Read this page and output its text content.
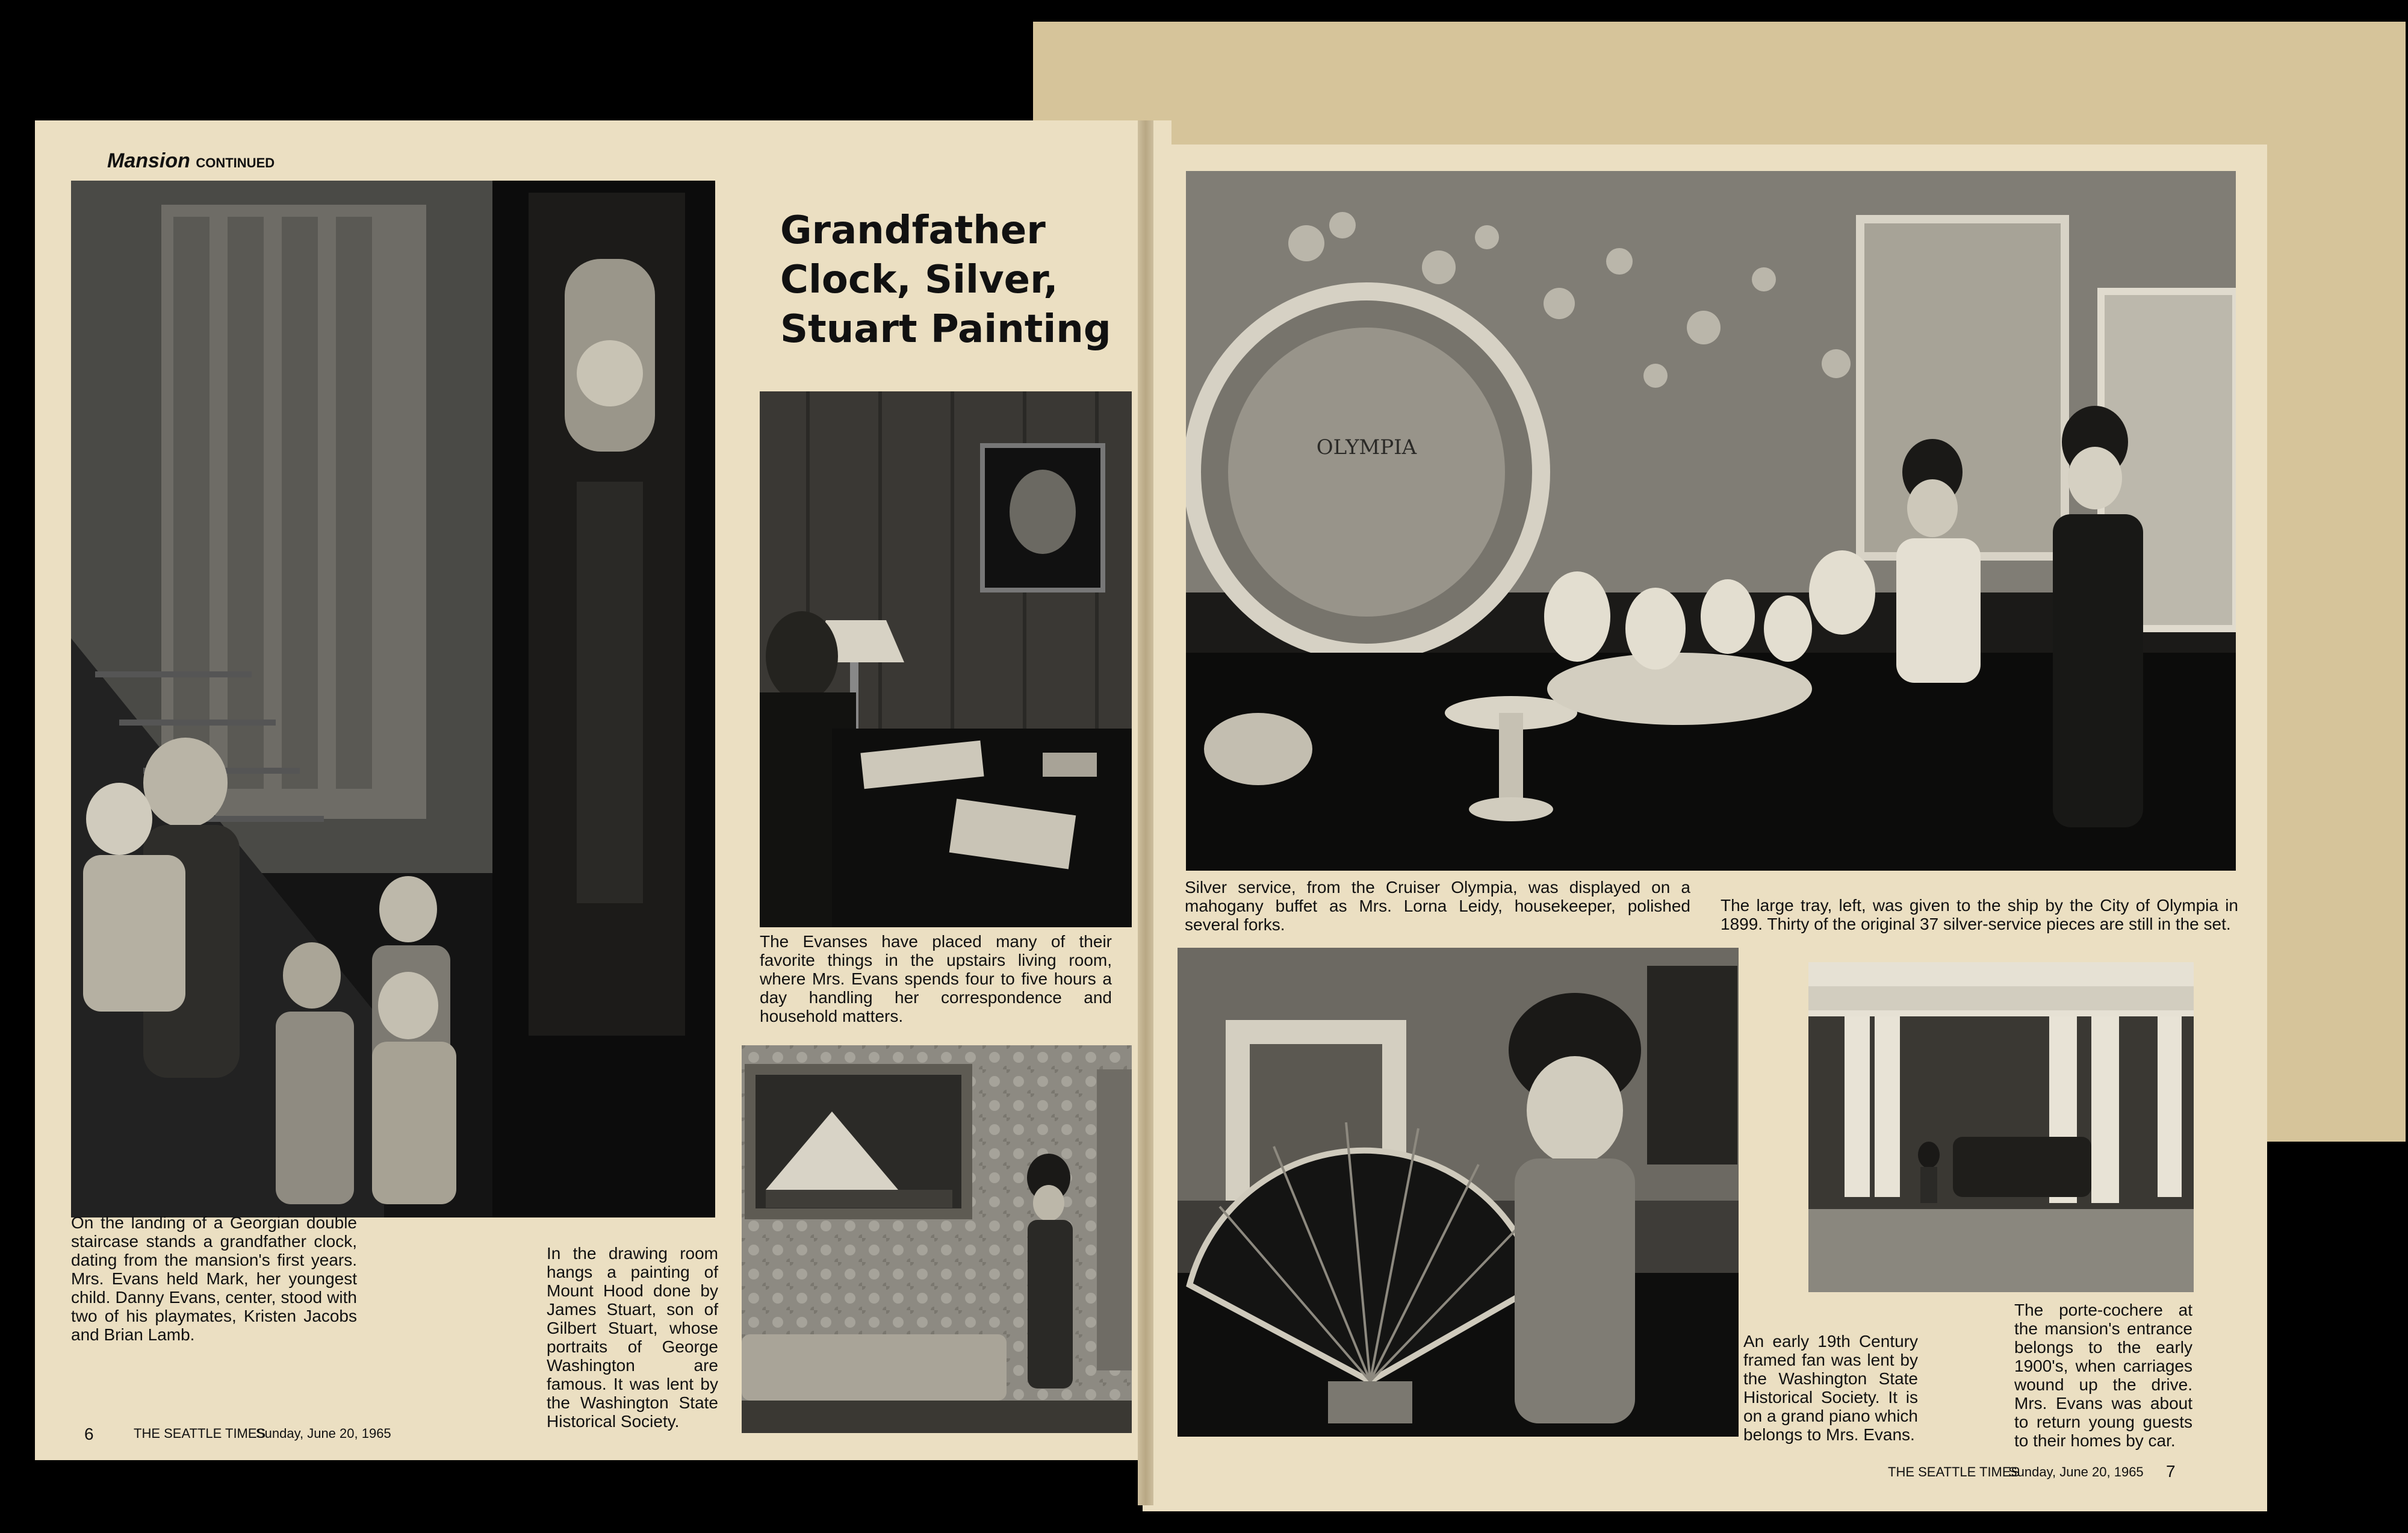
Mansion CONTINUED

On the landing of a Georgian double staircase stands a grandfather clock, dating from the mansion's first years. Mrs. Evans held Mark, her youngest child. Danny Evans, center, stood with two of his playmates, Kristen Jacobs and Brian Lamb.

Grandfather

Clock, Silver,

Stuart Painting

The Evanses have placed many of their favorite things in the upstairs living room, where Mrs. Evans spends four to five hours a day handling her correspondence and household matters.

In the drawing room hangs a painting of Mount Hood done by James Stuart, son of Gilbert Stuart, whose portraits of George Washington are famous. It was lent by the Washington State Historical Society.

6	THE SEATTLE TIMES
Sunday, June 20, 1965
OLYMPIA

Silver service, from the Cruiser Olympia, was displayed on a mahogany buffet as Mrs. Lorna Leidy, housekeeper, polished several forks.

The large tray, left, was given to the ship by the City of Olympia in 1899. Thirty of the original 37 silver-service pieces are still in the set.

An early 19th Century framed fan was lent by the Washington State Historical Society. It is on a grand piano which belongs to Mrs. Evans.

The porte-cochere at the mansion's entrance belongs to the early 1900's, when carriages wound up the drive. Mrs. Evans was about to return young guests to their homes by car.

THE SEATTLE TIMES
Sunday, June 20, 1965 7
